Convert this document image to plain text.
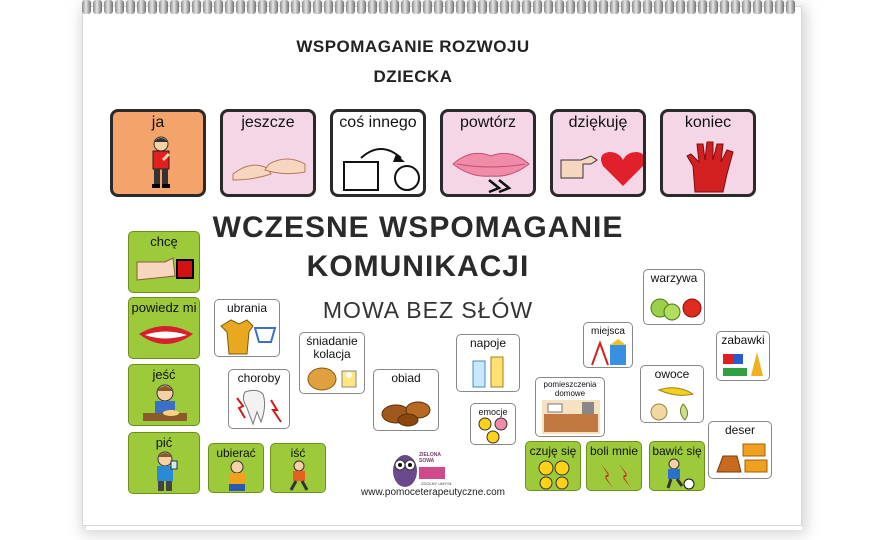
WSPOMAGANIE ROZWOJU
DZIECKA
ja	jeszcze	coś innego	powtórz	dziękuję	koniec
WCZESNE WSPOMAGANIE
KOMUNIKACJI
MOWA BEZ SŁÓW
chcę
powiedz mi
jeść
pić
ubierać	iść	czuję się	boli mnie bawić się
ubrania
choroby
śniadanie kolacja
obiad
napoje
emocje
pomieszczenia domowe
miejsca
warzywa
owoce
zabawki
deser
ZIELONA SOWA
ZDOLNY UMYSŁ
www.pomoceterapeutyczne.com
